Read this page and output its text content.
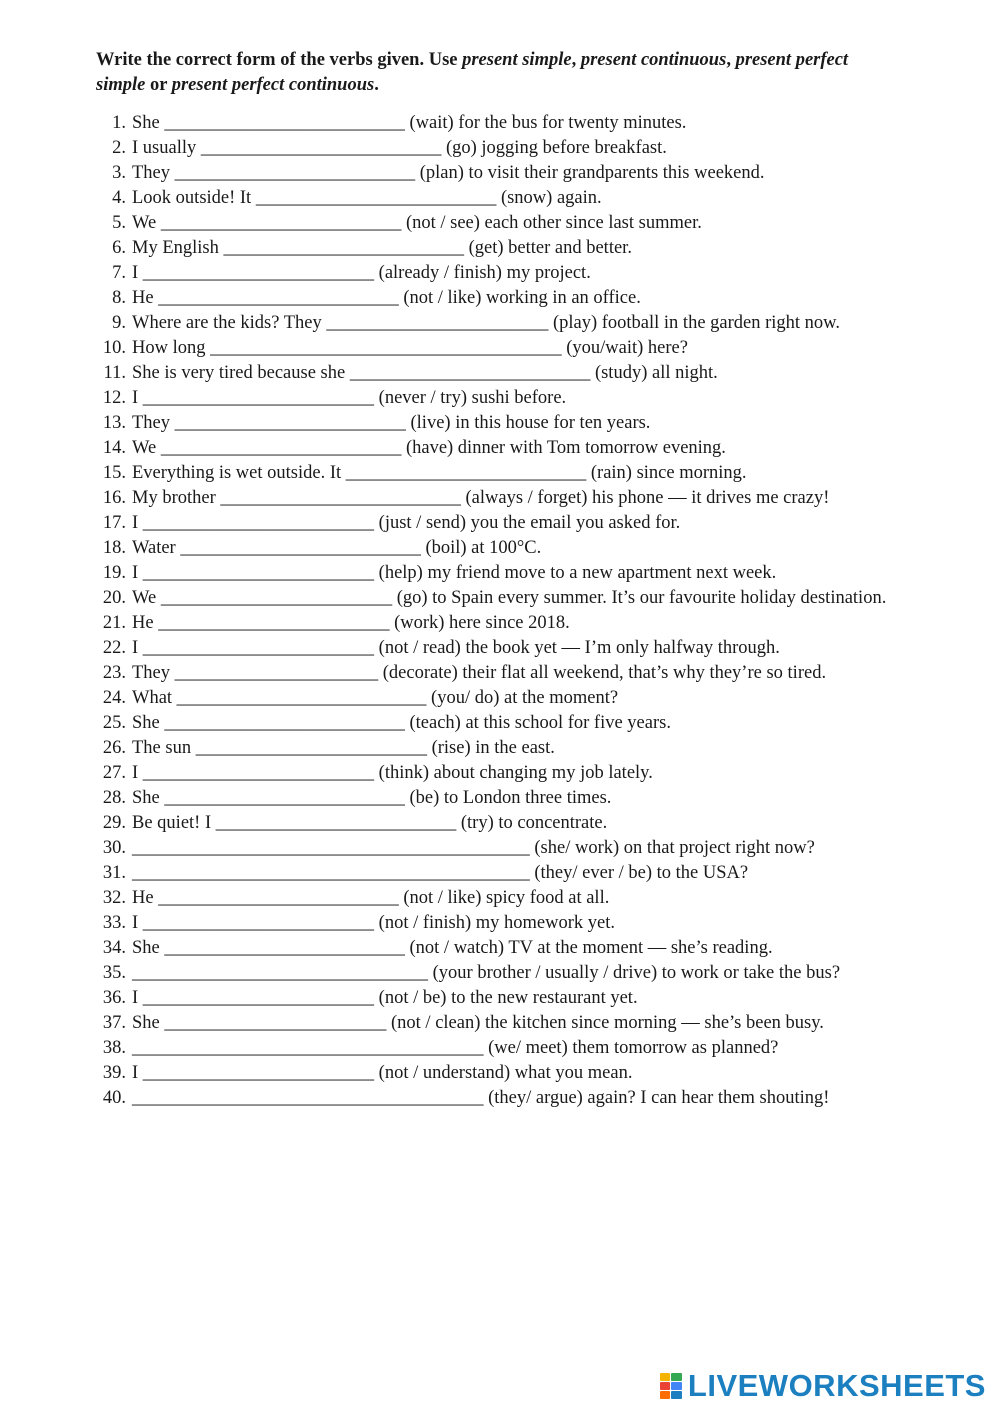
Write the correct form of the verbs given. Use present simple, present continuous, present perfect simple or present perfect continuous.

1. She __________________________ (wait) for the bus for twenty minutes.
2. I usually __________________________ (go) jogging before breakfast.
3. They __________________________ (plan) to visit their grandparents this weekend.
4. Look outside! It __________________________ (snow) again.
5. We __________________________ (not / see) each other since last summer.
6. My English __________________________ (get) better and better.
7. I _________________________ (already / finish) my project.
8. He __________________________ (not / like) working in an office.
9. Where are the kids? They ________________________ (play) football in the garden right now.
10. How long ______________________________________ (you/wait) here?
11. She is very tired because she __________________________ (study) all night.
12. I _________________________ (never / try) sushi before.
13. They _________________________ (live) in this house for ten years.
14. We __________________________ (have) dinner with Tom tomorrow evening.
15. Everything is wet outside. It __________________________ (rain) since morning.
16. My brother __________________________ (always / forget) his phone — it drives me crazy!
17. I _________________________ (just / send) you the email you asked for.
18. Water __________________________ (boil) at 100°C.
19. I _________________________ (help) my friend move to a new apartment next week.
20. We _________________________ (go) to Spain every summer. It’s our favourite holiday destination.
21. He _________________________ (work) here since 2018.
22. I _________________________ (not / read) the book yet — I’m only halfway through.
23. They ______________________ (decorate) their flat all weekend, that’s why they’re so tired.
24. What ___________________________ (you/ do) at the moment?
25. She __________________________ (teach) at this school for five years.
26. The sun _________________________ (rise) in the east.
27. I _________________________ (think) about changing my job lately.
28. She __________________________ (be) to London three times.
29. Be quiet! I __________________________ (try) to concentrate.
30. ___________________________________________ (she/ work) on that project right now?
31. ___________________________________________ (they/ ever / be) to the USA?
32. He __________________________ (not / like) spicy food at all.
33. I _________________________ (not / finish) my homework yet.
34. She __________________________ (not / watch) TV at the moment — she’s reading.
35. ________________________________ (your brother / usually / drive) to work or take the bus?
36. I _________________________ (not / be) to the new restaurant yet.
37. She ________________________ (not / clean) the kitchen since morning — she’s been busy.
38. ______________________________________ (we/ meet) them tomorrow as planned?
39. I _________________________ (not / understand) what you mean.
40. ______________________________________ (they/ argue) again? I can hear them shouting!
LIVEWORKSHEETS
